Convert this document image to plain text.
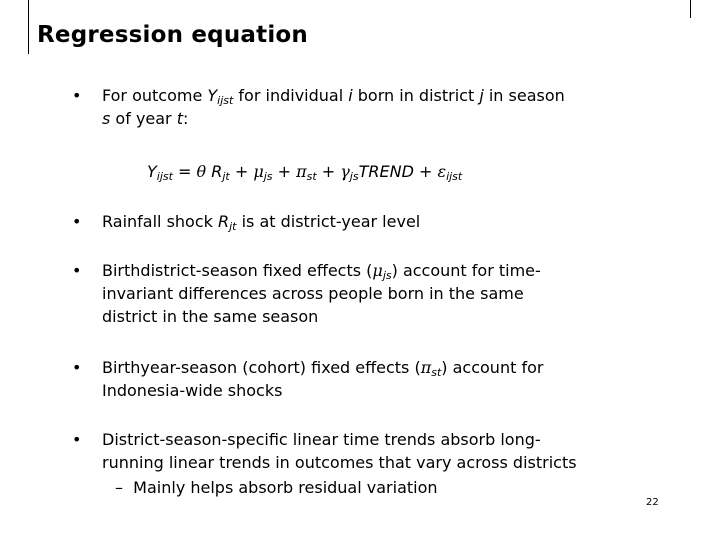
Regression equation
• For outcome $Y_{ijst}$ for individual i born in district j in season
s of year t:
$Y_{ijst} = \theta$ $R_{jt} + \mu_{js} + \pi_{st}$ + $\gamma_{js}TREND + \varepsilon_{ijst}$
• Rainfall shock $R_{jt}$ is at district-year level
• Birthdistrict-season fixed effects $(\mu_{js})$ account for time-
invariant differences across people born in the same
district in the same season
• Birthyear-season (cohort) fixed effects $(\pi_{st})$ account for
Indonesia-wide shocks
• District-season-specific linear time trends absorb long-
running linear trends in outcomes that vary across districts
– Mainly helps absorb residual variation
22
